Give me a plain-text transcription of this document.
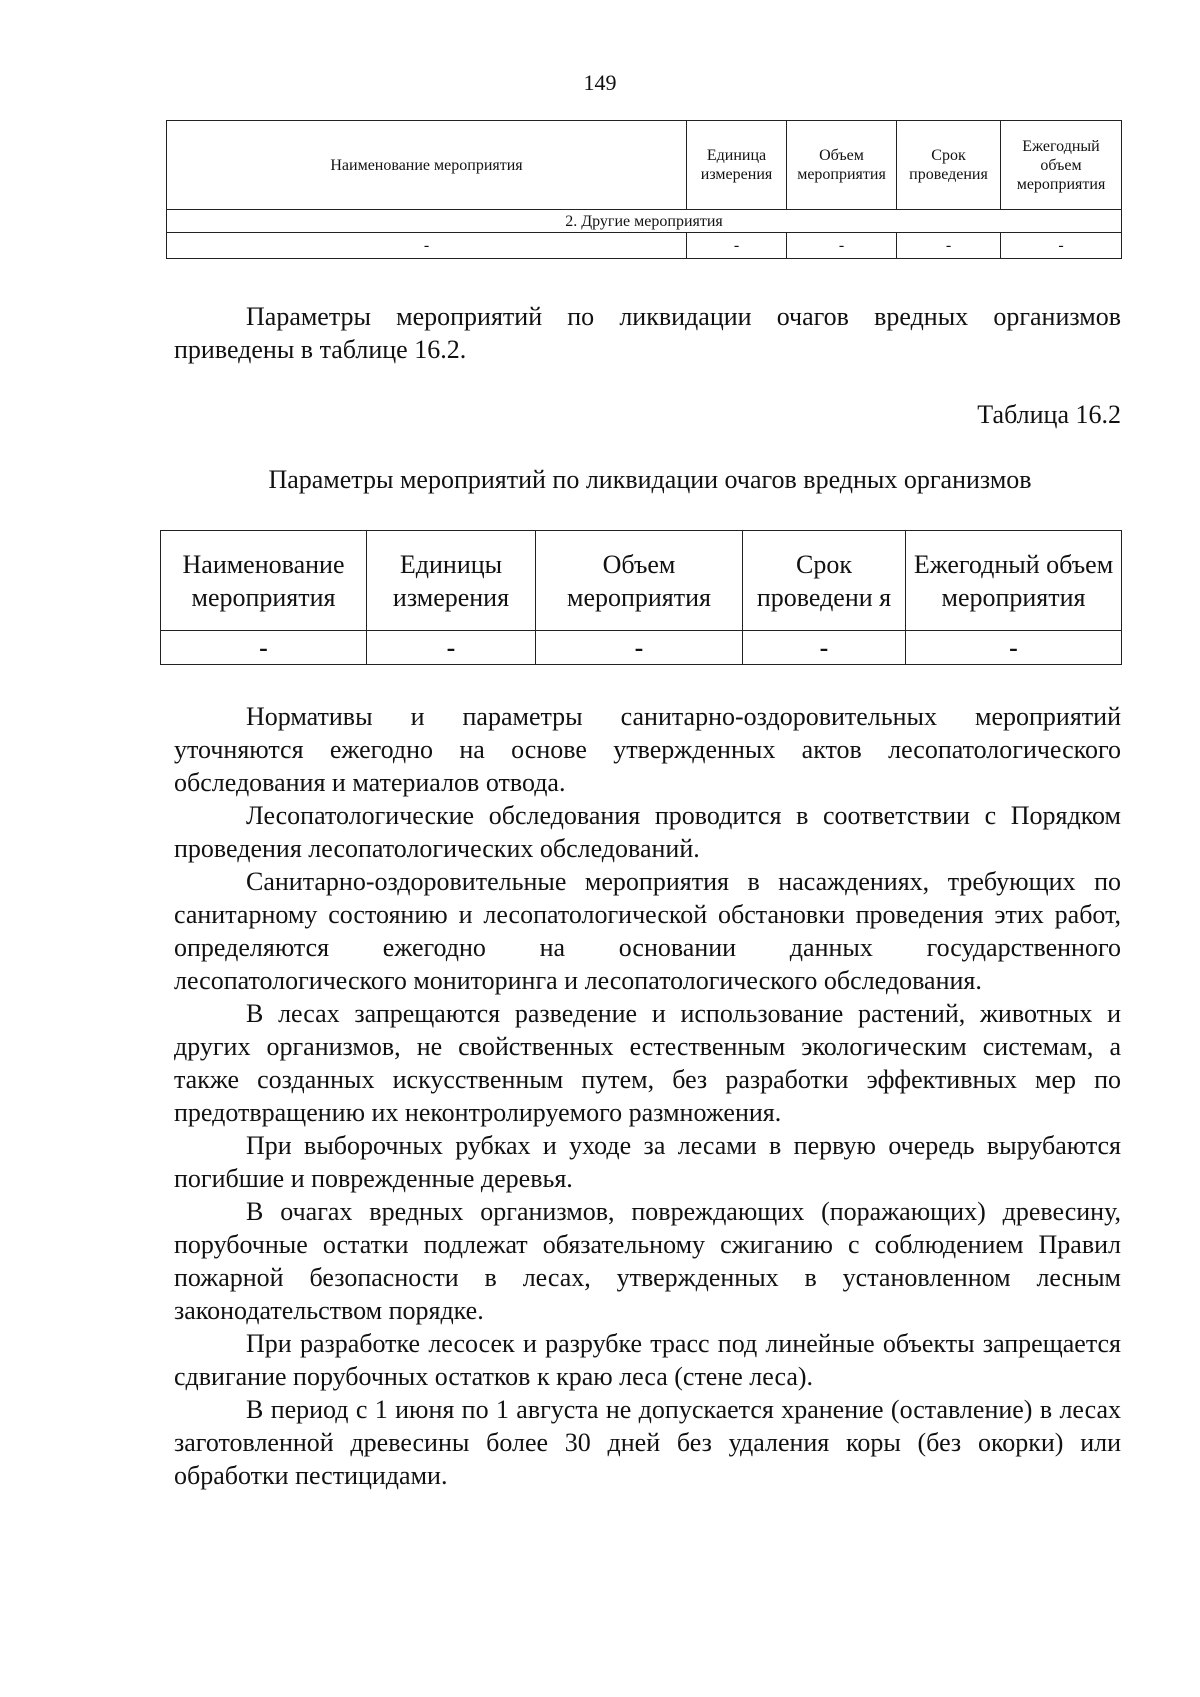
149
Наименование мероприятия	Единица измерения	Объем мероприятия	Срок проведения	Ежегодный объем мероприятия
2. Другие мероприятия				
-	-	-	-	-

Параметры мероприятий по ликвидации очагов вредных организмов приведены в таблице 16.2.

Таблица 16.2
Параметры мероприятий по ликвидации очагов вредных организмов
Наименование мероприятия	Единицы измерения	Объем мероприятия	Срок проведени я	Ежегодный объем мероприятия
-	-	-	-	-

Нормативы и параметры санитарно-оздоровительных мероприятий уточняются ежегодно на основе утвержденных актов лесопатологического обследования и материалов отвода.

Лесопатологические обследования проводится в соответствии с Порядком проведения лесопатологических обследований.

Санитарно-оздоровительные мероприятия в насаждениях, требующих по санитарному состоянию и лесопатологической обстановки проведения этих работ, определяются ежегодно на основании данных государственного лесопатологического мониторинга и лесопатологического обследования.

В лесах запрещаются разведение и использование растений, животных и других организмов, не свойственных естественным экологическим системам, а также созданных искусственным путем, без разработки эффективных мер по предотвращению их неконтролируемого размножения.

При выборочных рубках и уходе за лесами в первую очередь вырубаются погибшие и поврежденные деревья.

В очагах вредных организмов, повреждающих (поражающих) древесину, порубочные остатки подлежат обязательному сжиганию с соблюдением Правил пожарной безопасности в лесах, утвержденных в установленном лесным законодательством порядке.

При разработке лесосек и разрубке трасс под линейные объекты запрещается сдвигание порубочных остатков к краю леса (стене леса).

В период с 1 июня по 1 августа не допускается хранение (оставление) в лесах заготовленной древесины более 30 дней без удаления коры (без окорки) или обработки пестицидами.
